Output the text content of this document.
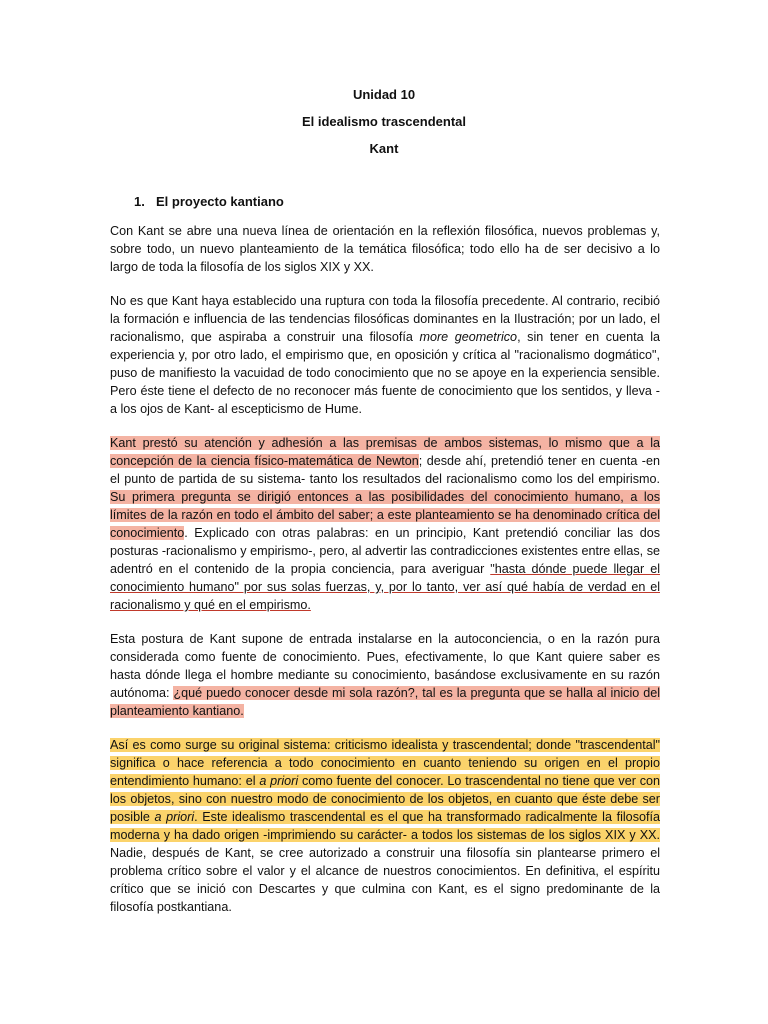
Unidad 10
El idealismo trascendental
Kant
1. El proyecto kantiano

Con Kant se abre una nueva línea de orientación en la reflexión filosófica, nuevos problemas y, sobre todo, un nuevo planteamiento de la temática filosófica; todo ello ha de ser decisivo a lo largo de toda la filosofía de los siglos XIX y XX.

No es que Kant haya establecido una ruptura con toda la filosofía precedente. Al contrario, recibió la formación e influencia de las tendencias filosóficas dominantes en la Ilustración; por un lado, el racionalismo, que aspiraba a construir una filosofía more geometrico, sin tener en cuenta la experiencia y, por otro lado, el empirismo que, en oposición y crítica al "racionalismo dogmático", puso de manifiesto la vacuidad de todo conocimiento que no se apoye en la experiencia sensible. Pero éste tiene el defecto de no reconocer más fuente de conocimiento que los sentidos, y lleva -a los ojos de Kant- al escepticismo de Hume.

Kant prestó su atención y adhesión a las premisas de ambos sistemas, lo mismo que a la concepción de la ciencia físico-matemática de Newton; desde ahí, pretendió tener en cuenta -en el punto de partida de su sistema- tanto los resultados del racionalismo como los del empirismo. Su primera pregunta se dirigió entonces a las posibilidades del conocimiento humano, a los límites de la razón en todo el ámbito del saber; a este planteamiento se ha denominado crítica del conocimiento. Explicado con otras palabras: en un principio, Kant pretendió conciliar las dos posturas -racionalismo y empirismo-, pero, al advertir las contradicciones existentes entre ellas, se adentró en el contenido de la propia conciencia, para averiguar "hasta dónde puede llegar el conocimiento humano" por sus solas fuerzas, y, por lo tanto, ver así qué había de verdad en el racionalismo y qué en el empirismo.

Esta postura de Kant supone de entrada instalarse en la autoconciencia, o en la razón pura considerada como fuente de conocimiento. Pues, efectivamente, lo que Kant quiere saber es hasta dónde llega el hombre mediante su conocimiento, basándose exclusivamente en su razón autónoma: ¿qué puedo conocer desde mi sola razón?, tal es la pregunta que se halla al inicio del planteamiento kantiano.

Así es como surge su original sistema: criticismo idealista y trascendental; donde "trascendental" significa o hace referencia a todo conocimiento en cuanto teniendo su origen en el propio entendimiento humano: el a priori como fuente del conocer. Lo trascendental no tiene que ver con los objetos, sino con nuestro modo de conocimiento de los objetos, en cuanto que éste debe ser posible a priori. Este idealismo trascendental es el que ha transformado radicalmente la filosofía moderna y ha dado origen -imprimiendo su carácter- a todos los sistemas de los siglos XIX y XX. Nadie, después de Kant, se cree autorizado a construir una filosofía sin plantearse primero el problema crítico sobre el valor y el alcance de nuestros conocimientos. En definitiva, el espíritu crítico que se inició con Descartes y que culmina con Kant, es el signo predominante de la filosofía postkantiana.
